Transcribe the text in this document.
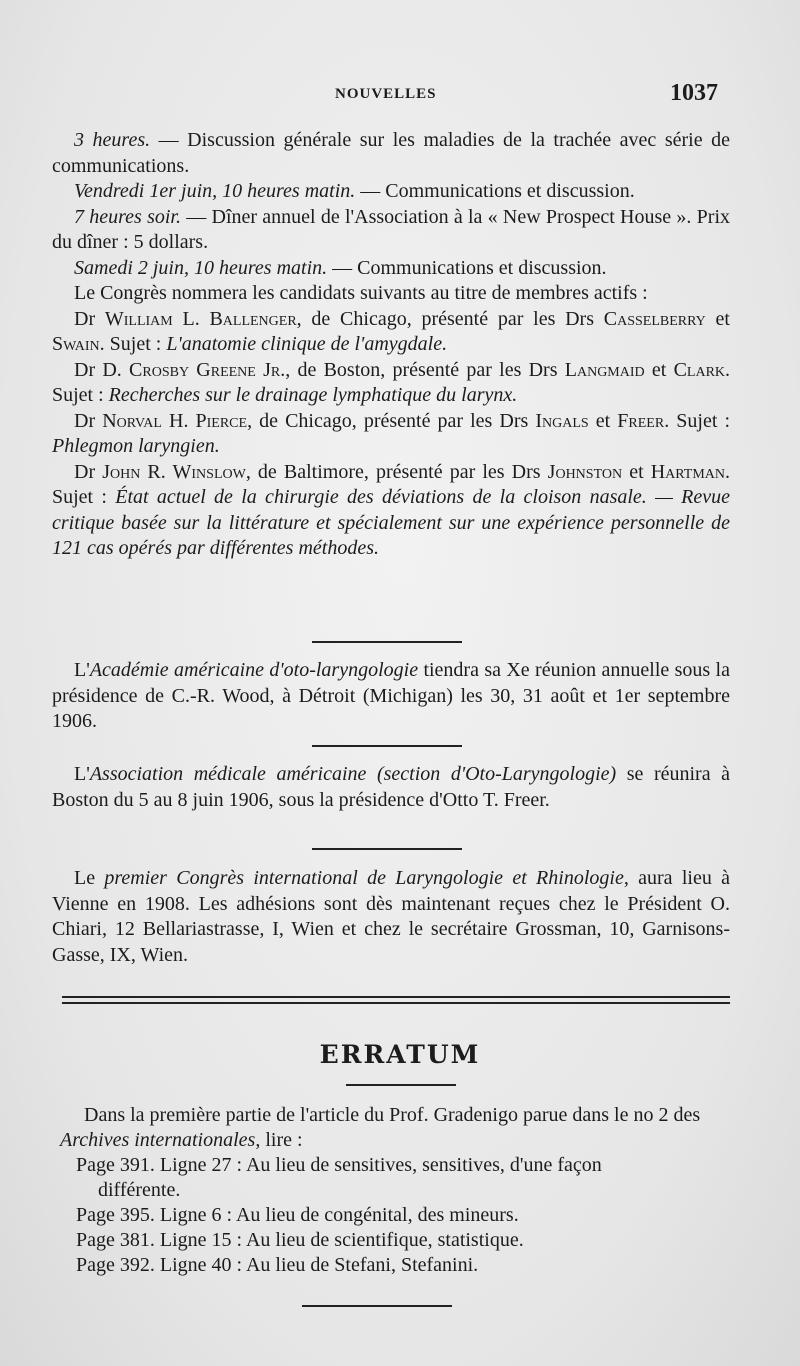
NOUVELLES	1037

3 heures. — Discussion générale sur les maladies de la trachée avec série de communications.

Vendredi 1er juin, 10 heures matin. — Communications et discussion.

7 heures soir. — Dîner annuel de l'Association à la « New Prospect House ». Prix du dîner : 5 dollars.

Samedi 2 juin, 10 heures matin. — Communications et discussion.

Le Congrès nommera les candidats suivants au titre de membres actifs :

Dr William L. Ballenger, de Chicago, présenté par les Drs Casselberry et Swain. Sujet : L'anatomie clinique de l'amygdale.

Dr D. Crosby Greene Jr., de Boston, présenté par les Drs Langmaid et Clark. Sujet : Recherches sur le drainage lymphatique du larynx.

Dr Norval H. Pierce, de Chicago, présenté par les Drs Ingals et Freer. Sujet : Phlegmon laryngien.

Dr John R. Winslow, de Baltimore, présenté par les Drs Johnston et Hartman. Sujet : État actuel de la chirurgie des déviations de la cloison nasale. — Revue critique basée sur la littérature et spécialement sur une expérience personnelle de 121 cas opérés par différentes méthodes.

L'Académie américaine d'oto-laryngologie tiendra sa Xe réunion annuelle sous la présidence de C.-R. Wood, à Détroit (Michigan) les 30, 31 août et 1er septembre 1906.

L'Association médicale américaine (section d'Oto-Laryngologie) se réunira à Boston du 5 au 8 juin 1906, sous la présidence d'Otto T. Freer.

Le premier Congrès international de Laryngologie et Rhinologie, aura lieu à Vienne en 1908. Les adhésions sont dès maintenant reçues chez le Président O. Chiari, 12 Bellariastrasse, I, Wien et chez le secrétaire Grossman, 10, Garnisons-Gasse, IX, Wien.

ERRATUM

Dans la première partie de l'article du Prof. Gradenigo parue dans le no 2 des Archives internationales, lire :

Page 391. Ligne 27 : Au lieu de sensitives, sensitives, d'une façon
différente.

Page 395. Ligne 6 : Au lieu de congénital, des mineurs.

Page 381. Ligne 15 : Au lieu de scientifique, statistique.

Page 392. Ligne 40 : Au lieu de Stefani, Stefanini.
